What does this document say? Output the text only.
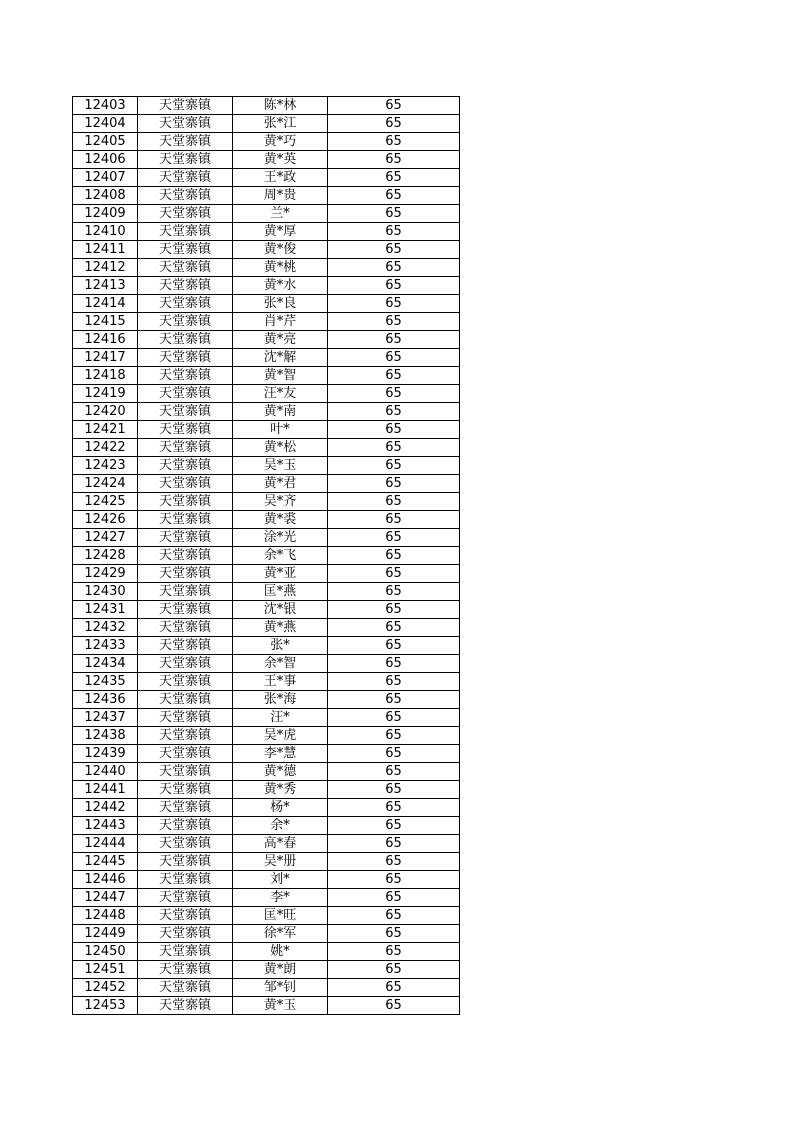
12403	天堂寨镇	陈*林	65
12404	天堂寨镇	张*江	65
12405	天堂寨镇	黄*巧	65
12406	天堂寨镇	黄*英	65
12407	天堂寨镇	王*政	65
12408	天堂寨镇	周*贵	65
12409	天堂寨镇	兰*	65
12410	天堂寨镇	黄*厚	65
12411	天堂寨镇	黄*俊	65
12412	天堂寨镇	黄*桃	65
12413	天堂寨镇	黄*水	65
12414	天堂寨镇	张*良	65
12415	天堂寨镇	肖*芹	65
12416	天堂寨镇	黄*亮	65
12417	天堂寨镇	沈*解	65
12418	天堂寨镇	黄*智	65
12419	天堂寨镇	汪*友	65
12420	天堂寨镇	黄*南	65
12421	天堂寨镇	叶*	65
12422	天堂寨镇	黄*松	65
12423	天堂寨镇	吴*玉	65
12424	天堂寨镇	黄*君	65
12425	天堂寨镇	吴*齐	65
12426	天堂寨镇	黄*裘	65
12427	天堂寨镇	涂*光	65
12428	天堂寨镇	余*飞	65
12429	天堂寨镇	黄*亚	65
12430	天堂寨镇	匡*燕	65
12431	天堂寨镇	沈*银	65
12432	天堂寨镇	黄*燕	65
12433	天堂寨镇	张*	65
12434	天堂寨镇	余*智	65
12435	天堂寨镇	王*事	65
12436	天堂寨镇	张*海	65
12437	天堂寨镇	汪*	65
12438	天堂寨镇	吴*虎	65
12439	天堂寨镇	李*慧	65
12440	天堂寨镇	黄*德	65
12441	天堂寨镇	黄*秀	65
12442	天堂寨镇	杨*	65
12443	天堂寨镇	余*	65
12444	天堂寨镇	高*春	65
12445	天堂寨镇	吴*册	65
12446	天堂寨镇	刘*	65
12447	天堂寨镇	李*	65
12448	天堂寨镇	匡*旺	65
12449	天堂寨镇	徐*军	65
12450	天堂寨镇	姚*	65
12451	天堂寨镇	黄*朗	65
12452	天堂寨镇	邹*钊	65
12453	天堂寨镇	黄*玉	65
